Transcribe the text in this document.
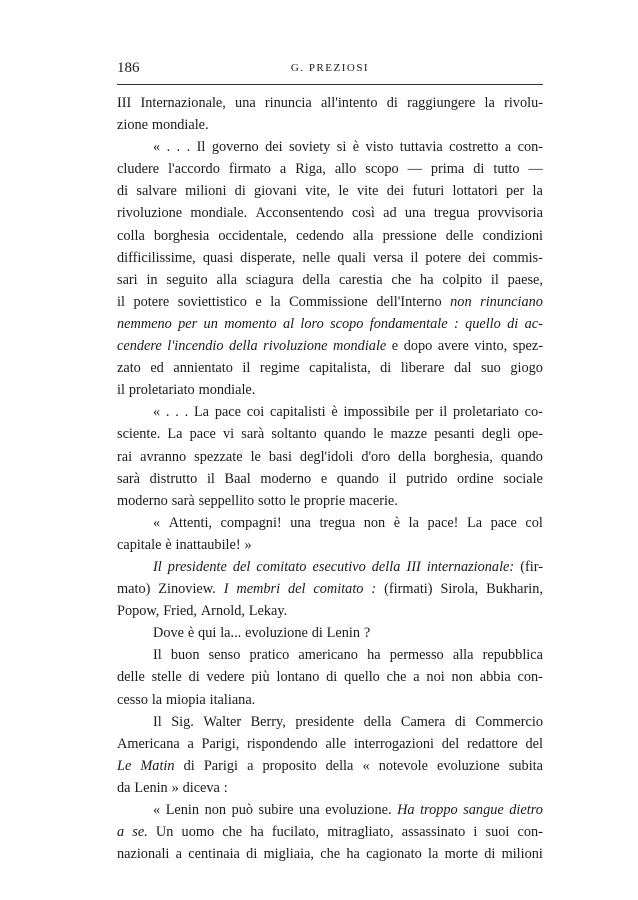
186	G. PREZIOSI
III Internazionale, una rinuncia all'intento di raggiungere la rivolu-
zione mondiale.
« . . . Il governo dei soviety si è visto tuttavia costretto a con-
cludere l'accordo firmato a Riga, allo scopo — prima di tutto —
di salvare milioni di giovani vite, le vite dei futuri lottatori per la
rivoluzione mondiale. Acconsentendo così ad una tregua provvisoria
colla borghesia occidentale, cedendo alla pressione delle condizioni
difficilissime, quasi disperate, nelle quali versa il potere dei commis-
sari in seguito alla sciagura della carestia che ha colpito il paese,
il potere soviettistico e la Commissione dell'Interno non rinunciano
nemmeno per un momento al loro scopo fondamentale : quello di ac-
cendere l'incendio della rivoluzione mondiale e dopo avere vinto, spez-
zato ed annientato il regime capitalista, di liberare dal suo giogo
il proletariato mondiale.
« . . . La pace coi capitalisti è impossibile per il proletariato co-
sciente. La pace vi sarà soltanto quando le mazze pesanti degli ope-
rai avranno spezzate le basi degl'idoli d'oro della borghesia, quando
sarà distrutto il Baal moderno e quando il putrido ordine sociale
moderno sarà seppellito sotto le proprie macerie.
« Attenti, compagni! una tregua non è la pace! La pace col
capitale è inattaubile! »
Il presidente del comitato esecutivo della III internazionale: (fir-
mato) Zinoview. I membri del comitato : (firmati) Sirola, Bukharin,
Popow, Fried, Arnold, Lekay.
Dove è qui la... evoluzione di Lenin ?
Il buon senso pratico americano ha permesso alla repubblica
delle stelle di vedere più lontano di quello che a noi non abbia con-
cesso la miopia italiana.
Il Sig. Walter Berry, presidente della Camera di Commercio
Americana a Parigi, rispondendo alle interrogazioni del redattore del
Le Matin di Parigi a proposito della « notevole evoluzione subita
da Lenin » diceva :
« Lenin non può subire una evoluzione. Ha troppo sangue dietro
a se. Un uomo che ha fucilato, mitragliato, assassinato i suoi con-
nazionali a centinaia di migliaia, che ha cagionato la morte di milioni
